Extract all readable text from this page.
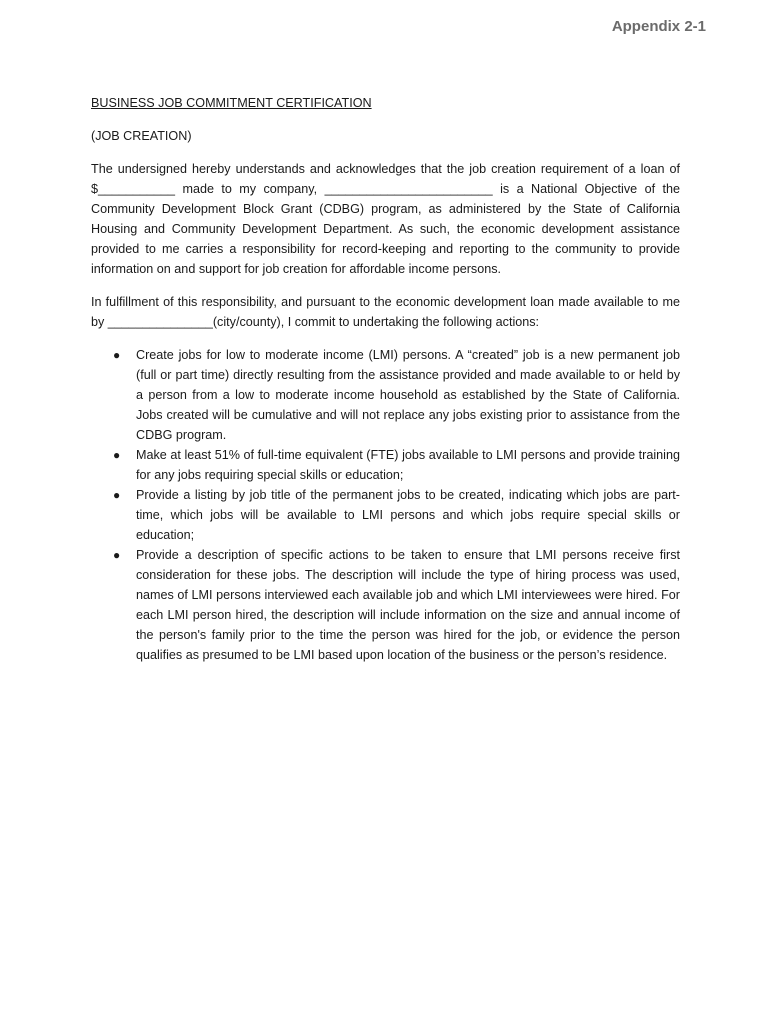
Appendix 2-1

BUSINESS JOB COMMITMENT CERTIFICATION

(JOB CREATION)

The undersigned hereby understands and acknowledges that the job creation requirement of a loan of $___________ made to my company, ________________________ is a National Objective of the Community Development Block Grant (CDBG) program, as administered by the State of California Housing and Community Development Department. As such, the economic development assistance provided to me carries a responsibility for record-keeping and reporting to the community to provide information on and support for job creation for affordable income persons.

In fulfillment of this responsibility, and pursuant to the economic development loan made available to me by _______________(city/county), I commit to undertaking the following actions:

● Create jobs for low to moderate income (LMI) persons. A “created” job is a new permanent job (full or part time) directly resulting from the assistance provided and made available to or held by a person from a low to moderate income household as established by the State of California. Jobs created will be cumulative and will not replace any jobs existing prior to assistance from the CDBG program.
● Make at least 51% of full-time equivalent (FTE) jobs available to LMI persons and provide training for any jobs requiring special skills or education;
● Provide a listing by job title of the permanent jobs to be created, indicating which jobs are part-time, which jobs will be available to LMI persons and which jobs require special skills or education;
● Provide a description of specific actions to be taken to ensure that LMI persons receive first consideration for these jobs. The description will include the type of hiring process was used, names of LMI persons interviewed each available job and which LMI interviewees were hired. For each LMI person hired, the description will include information on the size and annual income of the person's family prior to the time the person was hired for the job, or evidence the person qualifies as presumed to be LMI based upon location of the business or the person’s residence.
